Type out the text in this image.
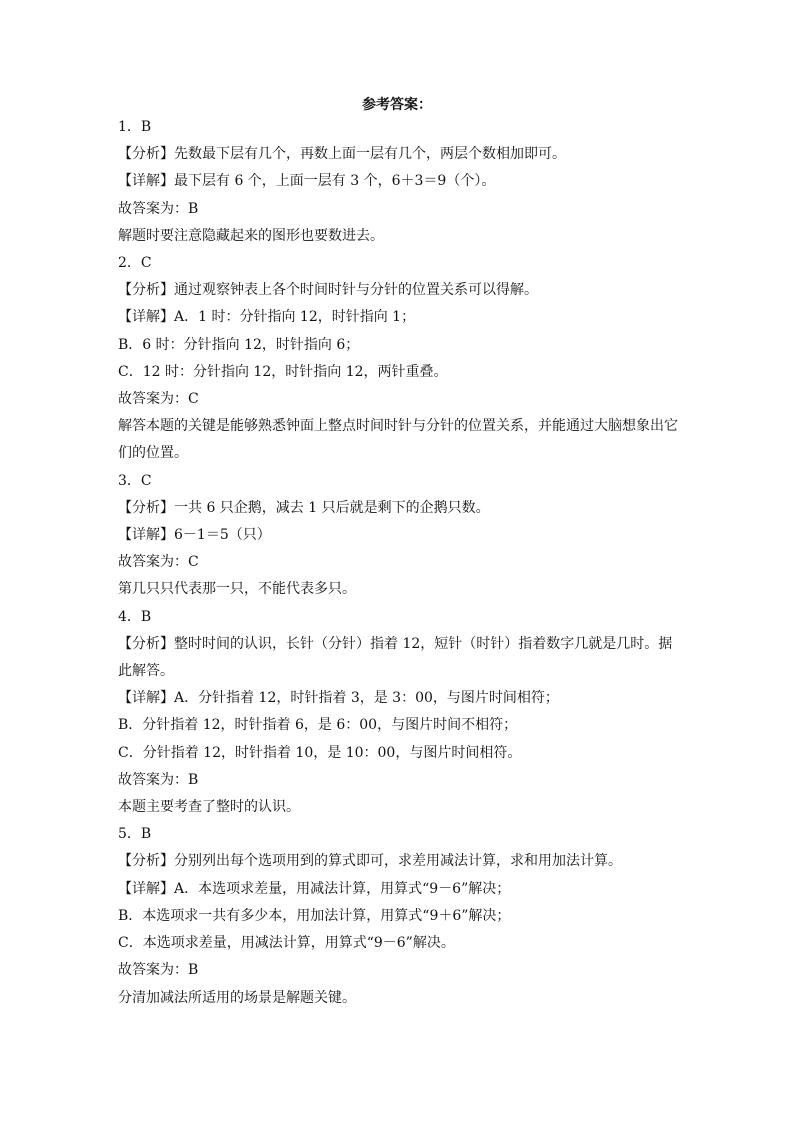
参考答案：
1．B
【分析】先数最下层有几个，再数上面一层有几个，两层个数相加即可。
【详解】最下层有 6 个，上面一层有 3 个，6＋3＝9（个）。
故答案为：B
解题时要注意隐藏起来的图形也要数进去。
2．C
【分析】通过观察钟表上各个时间时针与分针的位置关系可以得解。
【详解】A．1 时：分针指向 12，时针指向 1；
B．6 时：分针指向 12，时针指向 6；
C．12 时：分针指向 12，时针指向 12，两针重叠。
故答案为：C
解答本题的关键是能够熟悉钟面上整点时间时针与分针的位置关系，并能通过大脑想象出它
们的位置。
3．C
【分析】一共 6 只企鹅，减去 1 只后就是剩下的企鹅只数。
【详解】6－1＝5（只）
故答案为：C
第几只只代表那一只，不能代表多只。
4．B
【分析】整时时间的认识，长针（分针）指着 12，短针（时针）指着数字几就是几时。据
此解答。
【详解】A．分针指着 12，时针指着 3，是 3：00，与图片时间相符；
B．分针指着 12，时针指着 6，是 6：00，与图片时间不相符；
C．分针指着 12，时针指着 10，是 10：00，与图片时间相符。
故答案为：B
本题主要考查了整时的认识。
5．B
【分析】分别列出每个选项用到的算式即可，求差用减法计算，求和用加法计算。
【详解】A．本选项求差量，用减法计算，用算式“9－6”解决；
B．本选项求一共有多少本，用加法计算，用算式“9＋6”解决；
C．本选项求差量，用减法计算，用算式“9－6”解决。
故答案为：B
分清加减法所适用的场景是解题关键。
